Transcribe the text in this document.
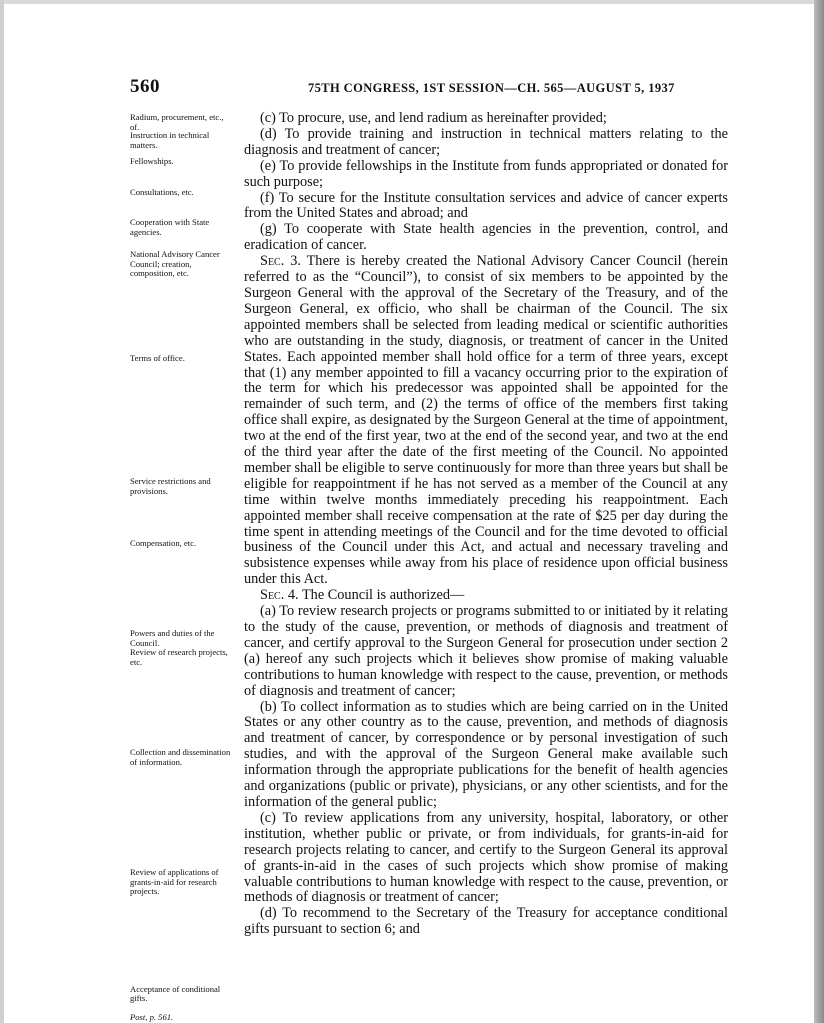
560	75TH CONGRESS, 1ST SESSION—CH. 565—AUGUST 5, 1937
Radium, procurement, etc., of.
Instruction in technical matters.
Fellowships.
Consultations, etc.
Cooperation with State agencies.
National Advisory Cancer Council; creation, composition, etc.
Terms of office.
Service restrictions and provisions.
Compensation, etc.
Powers and duties of the Council.
Review of research projects, etc.
Collection and dissemination of information.
Review of applications of grants-in-aid for research projects.

Acceptance of conditional gifts.

Post, p. 561.

(c) To procure, use, and lend radium as hereinafter provided;

(d) To provide training and instruction in technical matters relating to the diagnosis and treatment of cancer;

(e) To provide fellowships in the Institute from funds appropriated or donated for such purpose;

(f) To secure for the Institute consultation services and advice of cancer experts from the United States and abroad; and

(g) To cooperate with State health agencies in the prevention, control, and eradication of cancer.

Sec. 3. There is hereby created the National Advisory Cancer Council (herein referred to as the “Council”), to consist of six members to be appointed by the Surgeon General with the approval of the Secretary of the Treasury, and of the Surgeon General, ex officio, who shall be chairman of the Council. The six appointed members shall be selected from leading medical or scientific authorities who are outstanding in the study, diagnosis, or treatment of cancer in the United States. Each appointed member shall hold office for a term of three years, except that (1) any member appointed to fill a vacancy occurring prior to the expiration of the term for which his predecessor was appointed shall be appointed for the remainder of such term, and (2) the terms of office of the members first taking office shall expire, as designated by the Surgeon General at the time of appointment, two at the end of the first year, two at the end of the second year, and two at the end of the third year after the date of the first meeting of the Council. No appointed member shall be eligible to serve continuously for more than three years but shall be eligible for reappointment if he has not served as a member of the Council at any time within twelve months immediately preceding his reappointment. Each appointed member shall receive compensation at the rate of $25 per day during the time spent in attending meetings of the Council and for the time devoted to official business of the Council under this Act, and actual and necessary traveling and subsistence expenses while away from his place of residence upon official business under this Act.

Sec. 4. The Council is authorized—

(a) To review research projects or programs submitted to or initiated by it relating to the study of the cause, prevention, or methods of diagnosis and treatment of cancer, and certify approval to the Surgeon General for prosecution under section 2 (a) hereof any such projects which it believes show promise of making valuable contributions to human knowledge with respect to the cause, prevention, or methods of diagnosis and treatment of cancer;

(b) To collect information as to studies which are being carried on in the United States or any other country as to the cause, prevention, and methods of diagnosis and treatment of cancer, by correspondence or by personal investigation of such studies, and with the approval of the Surgeon General make available such information through the appropriate publications for the benefit of health agencies and organizations (public or private), physicians, or any other scientists, and for the information of the general public;

(c) To review applications from any university, hospital, laboratory, or other institution, whether public or private, or from individuals, for grants-in-aid for research projects relating to cancer, and certify to the Surgeon General its approval of grants-in-aid in the cases of such projects which show promise of making valuable contributions to human knowledge with respect to the cause, prevention, or methods of diagnosis or treatment of cancer;

(d) To recommend to the Secretary of the Treasury for acceptance conditional gifts pursuant to section 6; and
